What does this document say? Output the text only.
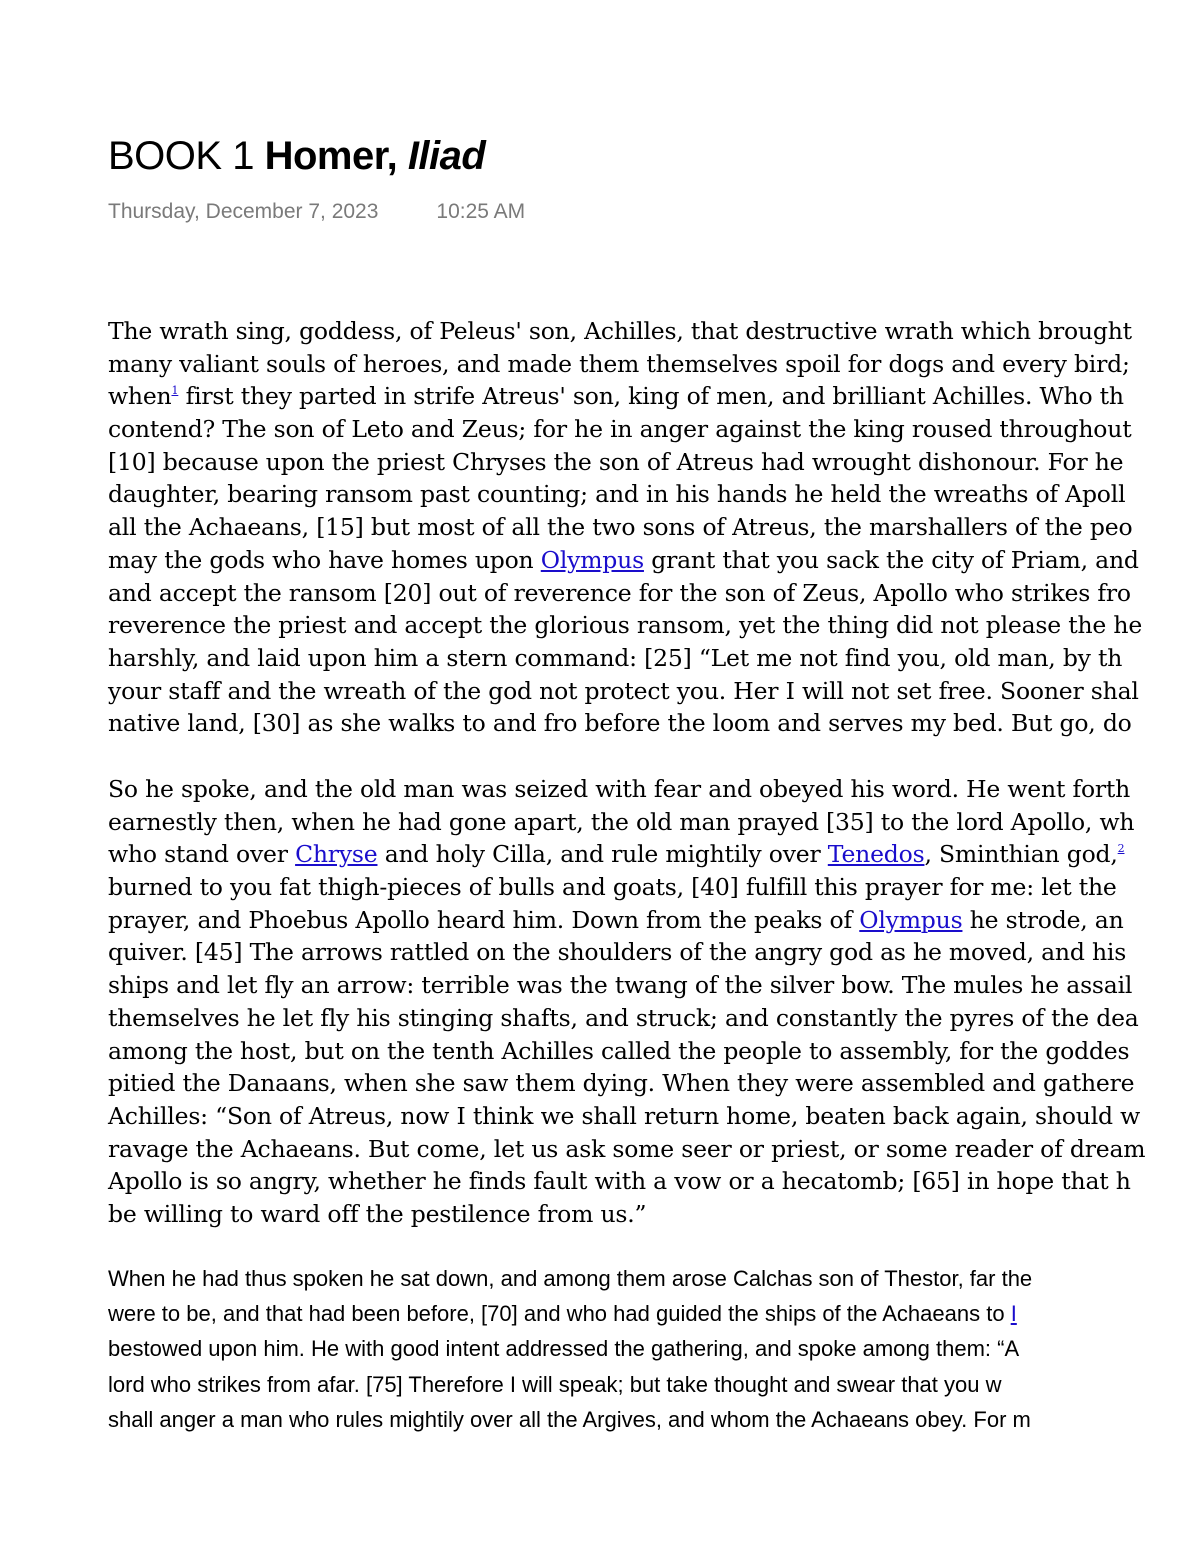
BOOK 1 Homer, Iliad
Thursday, December 7, 2023	10:25 AM
The wrath sing, goddess, of Peleus' son, Achilles, that destructive wrath which brought
many valiant souls of heroes, and made them themselves spoil for dogs and every bird;
when$^1$ first they parted in strife Atreus' son, king of men, and brilliant Achilles. Who th
contend? The son of Leto and Zeus; for he in anger against the king roused throughout
[10] because upon the priest Chryses the son of Atreus had wrought dishonour. For he
daughter, bearing ransom past counting; and in his hands he held the wreaths of Apoll
all the Achaeans, [15] but most of all the two sons of Atreus, the marshallers of the peo
may the gods who have homes upon Olympus grant that you sack the city of Priam, and
and accept the ransom [20] out of reverence for the son of Zeus, Apollo who strikes fro
reverence the priest and accept the glorious ransom, yet the thing did not please the he
harshly, and laid upon him a stern command: [25] “Let me not find you, old man, by th
your staff and the wreath of the god not protect you. Her I will not set free. Sooner shal
native land, [30] as she walks to and fro before the loom and serves my bed. But go, do
So he spoke, and the old man was seized with fear and obeyed his word. He went forth
earnestly then, when he had gone apart, the old man prayed [35] to the lord Apollo, wh
who stand over Chryse and holy Cilla, and rule mightily over Tenedos, Sminthian god,$^2$
burned to you fat thigh-pieces of bulls and goats, [40] fulfill this prayer for me: let the
prayer, and Phoebus Apollo heard him. Down from the peaks of Olympus he strode, an
quiver. [45] The arrows rattled on the shoulders of the angry god as he moved, and his
ships and let fly an arrow: terrible was the twang of the silver bow. The mules he assail
themselves he let fly his stinging shafts, and struck; and constantly the pyres of the dea
among the host, but on the tenth Achilles called the people to assembly, for the goddes
pitied the Danaans, when she saw them dying. When they were assembled and gathere
Achilles: “Son of Atreus, now I think we shall return home, beaten back again, should w
ravage the Achaeans. But come, let us ask some seer or priest, or some reader of dream
Apollo is so angry, whether he finds fault with a vow or a hecatomb; [65] in hope that h
be willing to ward off the pestilence from us.”
When he had thus spoken he sat down, and among them arose Calchas son of Thestor, far the
were to be, and that had been before, [70] and who had guided the ships of the Achaeans to I
bestowed upon him. He with good intent addressed the gathering, and spoke among them: “A
lord who strikes from afar. [75] Therefore I will speak; but take thought and swear that you w
shall anger a man who rules mightily over all the Argives, and whom the Achaeans obey. For m
